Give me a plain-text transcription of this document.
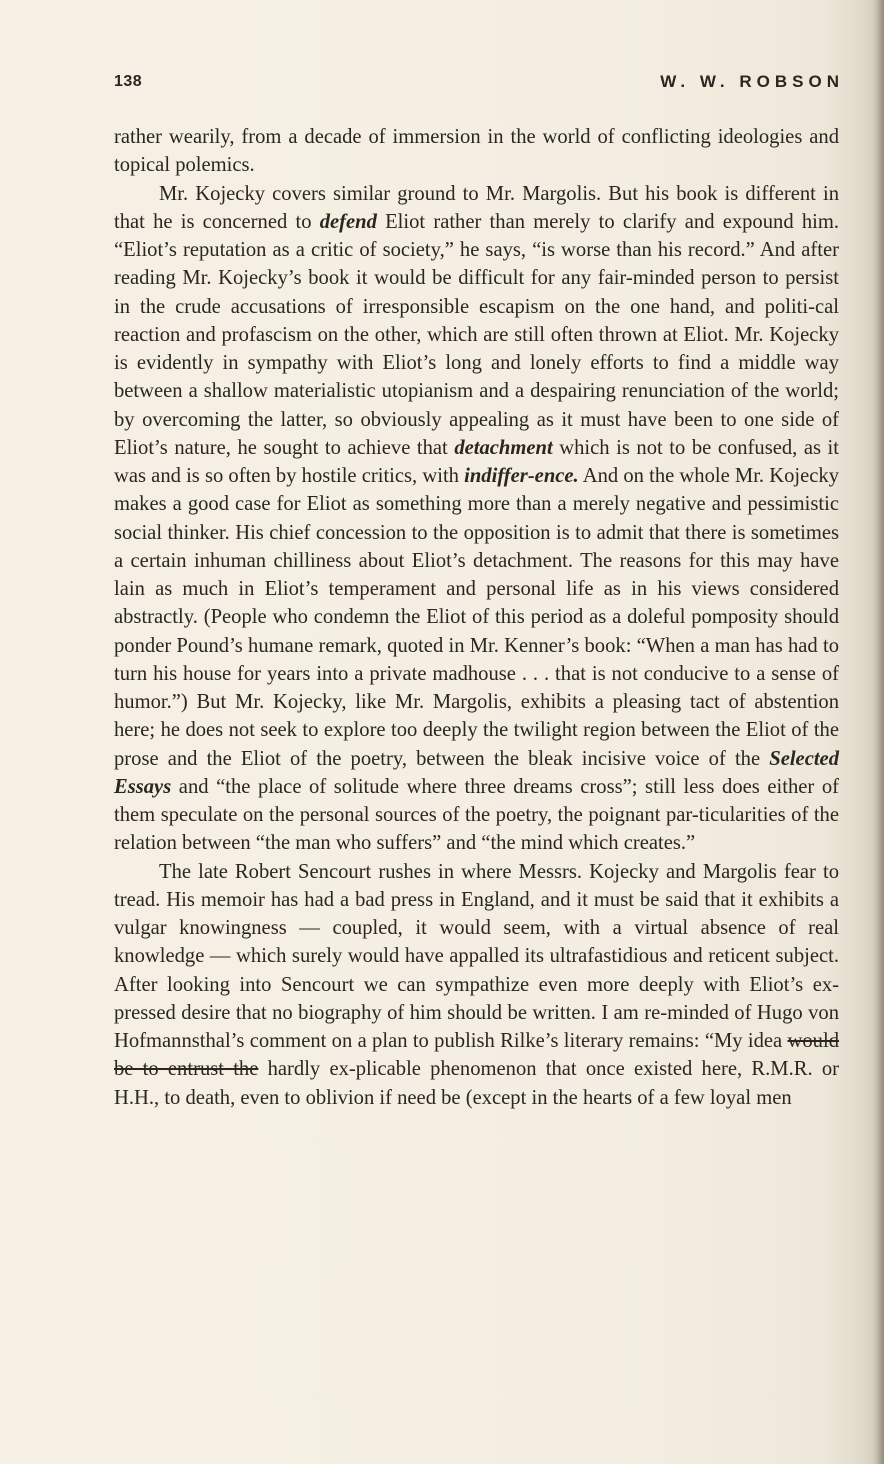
138	W. W. ROBSON

rather wearily, from a decade of immersion in the world of conflicting ideologies and topical polemics.

Mr. Kojecky covers similar ground to Mr. Margolis. But his book is different in that he is concerned to defend Eliot rather than merely to clarify and expound him. “Eliot’s reputation as a critic of society,” he says, “is worse than his record.” And after reading Mr. Kojecky’s book it would be difficult for any fair-minded person to persist in the crude accusations of irresponsible escapism on the one hand, and politi-cal reaction and profascism on the other, which are still often thrown at Eliot. Mr. Kojecky is evidently in sympathy with Eliot’s long and lonely efforts to find a middle way between a shallow materialistic utopianism and a despairing renunciation of the world; by overcoming the latter, so obviously appealing as it must have been to one side of Eliot’s nature, he sought to achieve that detachment which is not to be confused, as it was and is so often by hostile critics, with indiffer-ence. And on the whole Mr. Kojecky makes a good case for Eliot as something more than a merely negative and pessimistic social thinker. His chief concession to the opposition is to admit that there is sometimes a certain inhuman chilliness about Eliot’s detachment. The reasons for this may have lain as much in Eliot’s temperament and personal life as in his views considered abstractly. (People who condemn the Eliot of this period as a doleful pomposity should ponder Pound’s humane remark, quoted in Mr. Kenner’s book: “When a man has had to turn his house for years into a private madhouse . . . that is not conducive to a sense of humor.”) But Mr. Kojecky, like Mr. Margolis, exhibits a pleasing tact of abstention here; he does not seek to explore too deeply the twilight region between the Eliot of the prose and the Eliot of the poetry, between the bleak incisive voice of the Selected Essays and “the place of solitude where three dreams cross”; still less does either of them speculate on the personal sources of the poetry, the poignant par-ticularities of the relation between “the man who suffers” and “the mind which creates.”

The late Robert Sencourt rushes in where Messrs. Kojecky and Margolis fear to tread. His memoir has had a bad press in England, and it must be said that it exhibits a vulgar knowingness — coupled, it would seem, with a virtual absence of real knowledge — which surely would have appalled its ultrafastidious and reticent subject. After looking into Sencourt we can sympathize even more deeply with Eliot’s ex-pressed desire that no biography of him should be written. I am re-minded of Hugo von Hofmannsthal’s comment on a plan to publish Rilke’s literary remains: “My idea would be to entrust the hardly ex-plicable phenomenon that once existed here, R.M.R. or H.H., to death, even to oblivion if need be (except in the hearts of a few loyal men
